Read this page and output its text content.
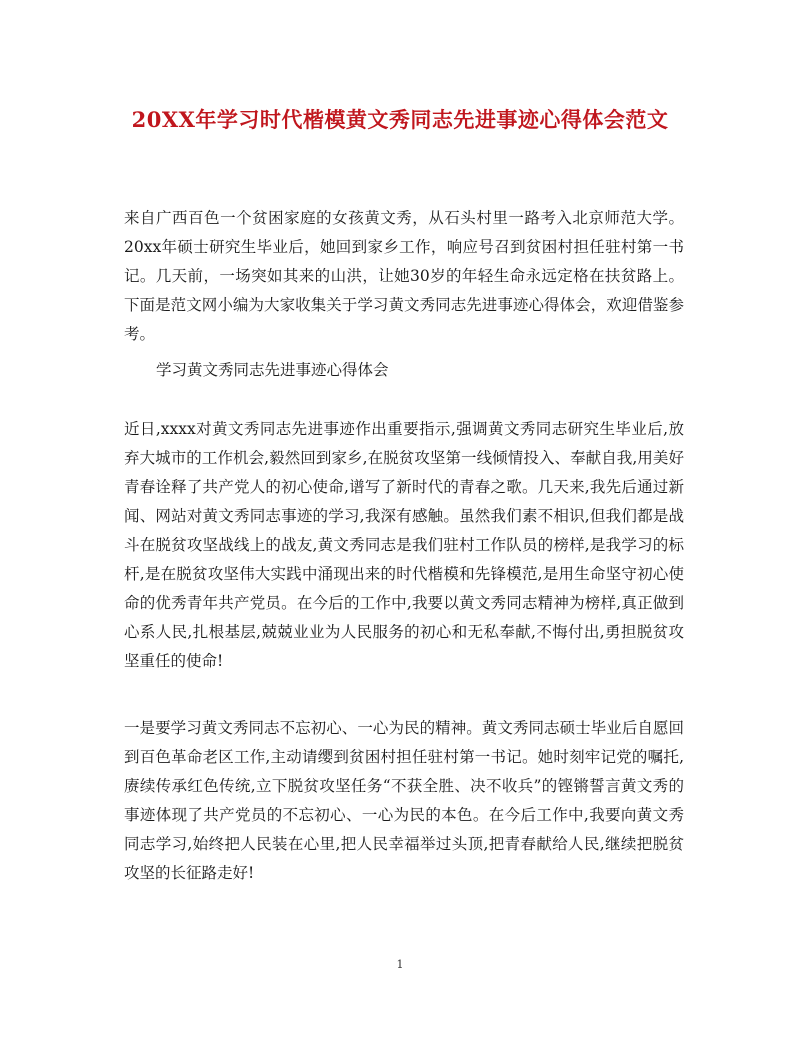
20XX年学习时代楷模黄文秀同志先进事迹心得体会范文

来自广西百色一个贫困家庭的女孩黄文秀，从石头村里一路考入北京师范大学。20xx年硕士研究生毕业后，她回到家乡工作，响应号召到贫困村担任驻村第一书记。几天前，一场突如其来的山洪，让她30岁的年轻生命永远定格在扶贫路上。下面是范文网小编为大家收集关于学习黄文秀同志先进事迹心得体会，欢迎借鉴参考。

学习黄文秀同志先进事迹心得体会

近日,xxxx对黄文秀同志先进事迹作出重要指示,强调黄文秀同志研究生毕业后,放弃大城市的工作机会,毅然回到家乡,在脱贫攻坚第一线倾情投入、奉献自我,用美好青春诠释了共产党人的初心使命,谱写了新时代的青春之歌。几天来,我先后通过新闻、网站对黄文秀同志事迹的学习,我深有感触。虽然我们素不相识,但我们都是战斗在脱贫攻坚战线上的战友,黄文秀同志是我们驻村工作队员的榜样,是我学习的标杆,是在脱贫攻坚伟大实践中涌现出来的时代楷模和先锋模范,是用生命坚守初心使命的优秀青年共产党员。在今后的工作中,我要以黄文秀同志精神为榜样,真正做到心系人民,扎根基层,兢兢业业为人民服务的初心和无私奉献,不悔付出,勇担脱贫攻坚重任的使命!

一是要学习黄文秀同志不忘初心、一心为民的精神。黄文秀同志硕士毕业后自愿回到百色革命老区工作,主动请缨到贫困村担任驻村第一书记。她时刻牢记党的嘱托,赓续传承红色传统,立下脱贫攻坚任务“不获全胜、决不收兵”的铿锵誓言黄文秀的事迹体现了共产党员的不忘初心、一心为民的本色。在今后工作中,我要向黄文秀同志学习,始终把人民装在心里,把人民幸福举过头顶,把青春献给人民,继续把脱贫攻坚的长征路走好!

1
